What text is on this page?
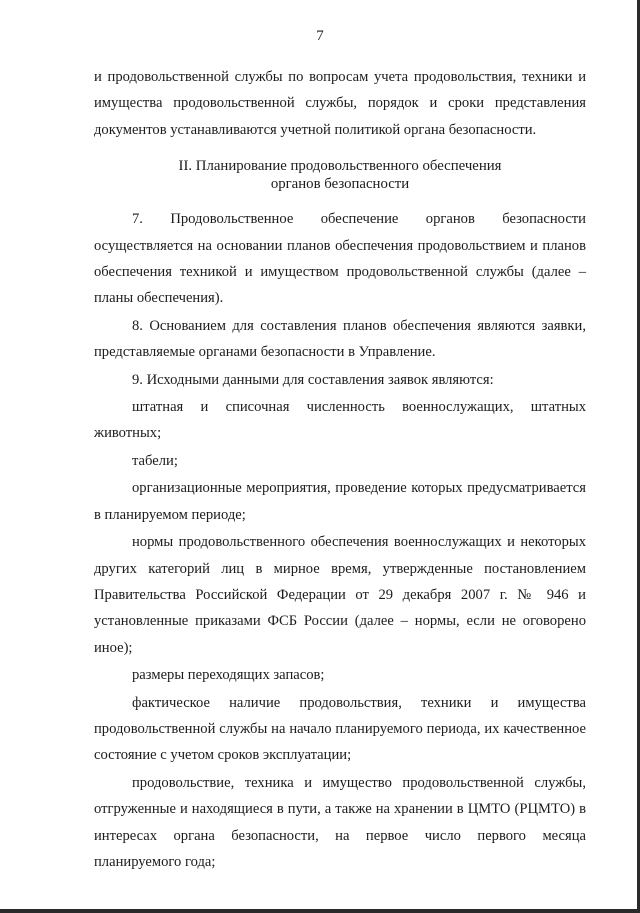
7

и продовольственной службы по вопросам учета продовольствия, техники и имущества продовольственной службы, порядок и сроки представления документов устанавливаются учетной политикой органа безопасности.

II. Планирование продовольственного обеспечения
органов безопасности

7. Продовольственное обеспечение органов безопасности осуществляется на основании планов обеспечения продовольствием и планов обеспечения техникой и имуществом продовольственной службы (далее – планы обеспечения).

8. Основанием для составления планов обеспечения являются заявки, представляемые органами безопасности в Управление.

9. Исходными данными для составления заявок являются:

штатная и списочная численность военнослужащих, штатных животных;

табели;

организационные мероприятия, проведение которых предусматривается в планируемом периоде;

нормы продовольственного обеспечения военнослужащих и некоторых других категорий лиц в мирное время, утвержденные постановлением Правительства Российской Федерации от 29 декабря 2007 г. № 946 и установленные приказами ФСБ России (далее – нормы, если не оговорено иное);

размеры переходящих запасов;

фактическое наличие продовольствия, техники и имущества продовольственной службы на начало планируемого периода, их качественное состояние с учетом сроков эксплуатации;

продовольствие, техника и имущество продовольственной службы, отгруженные и находящиеся в пути, а также на хранении в ЦМТО (РЦМТО) в интересах органа безопасности, на первое число первого месяца планируемого года;
